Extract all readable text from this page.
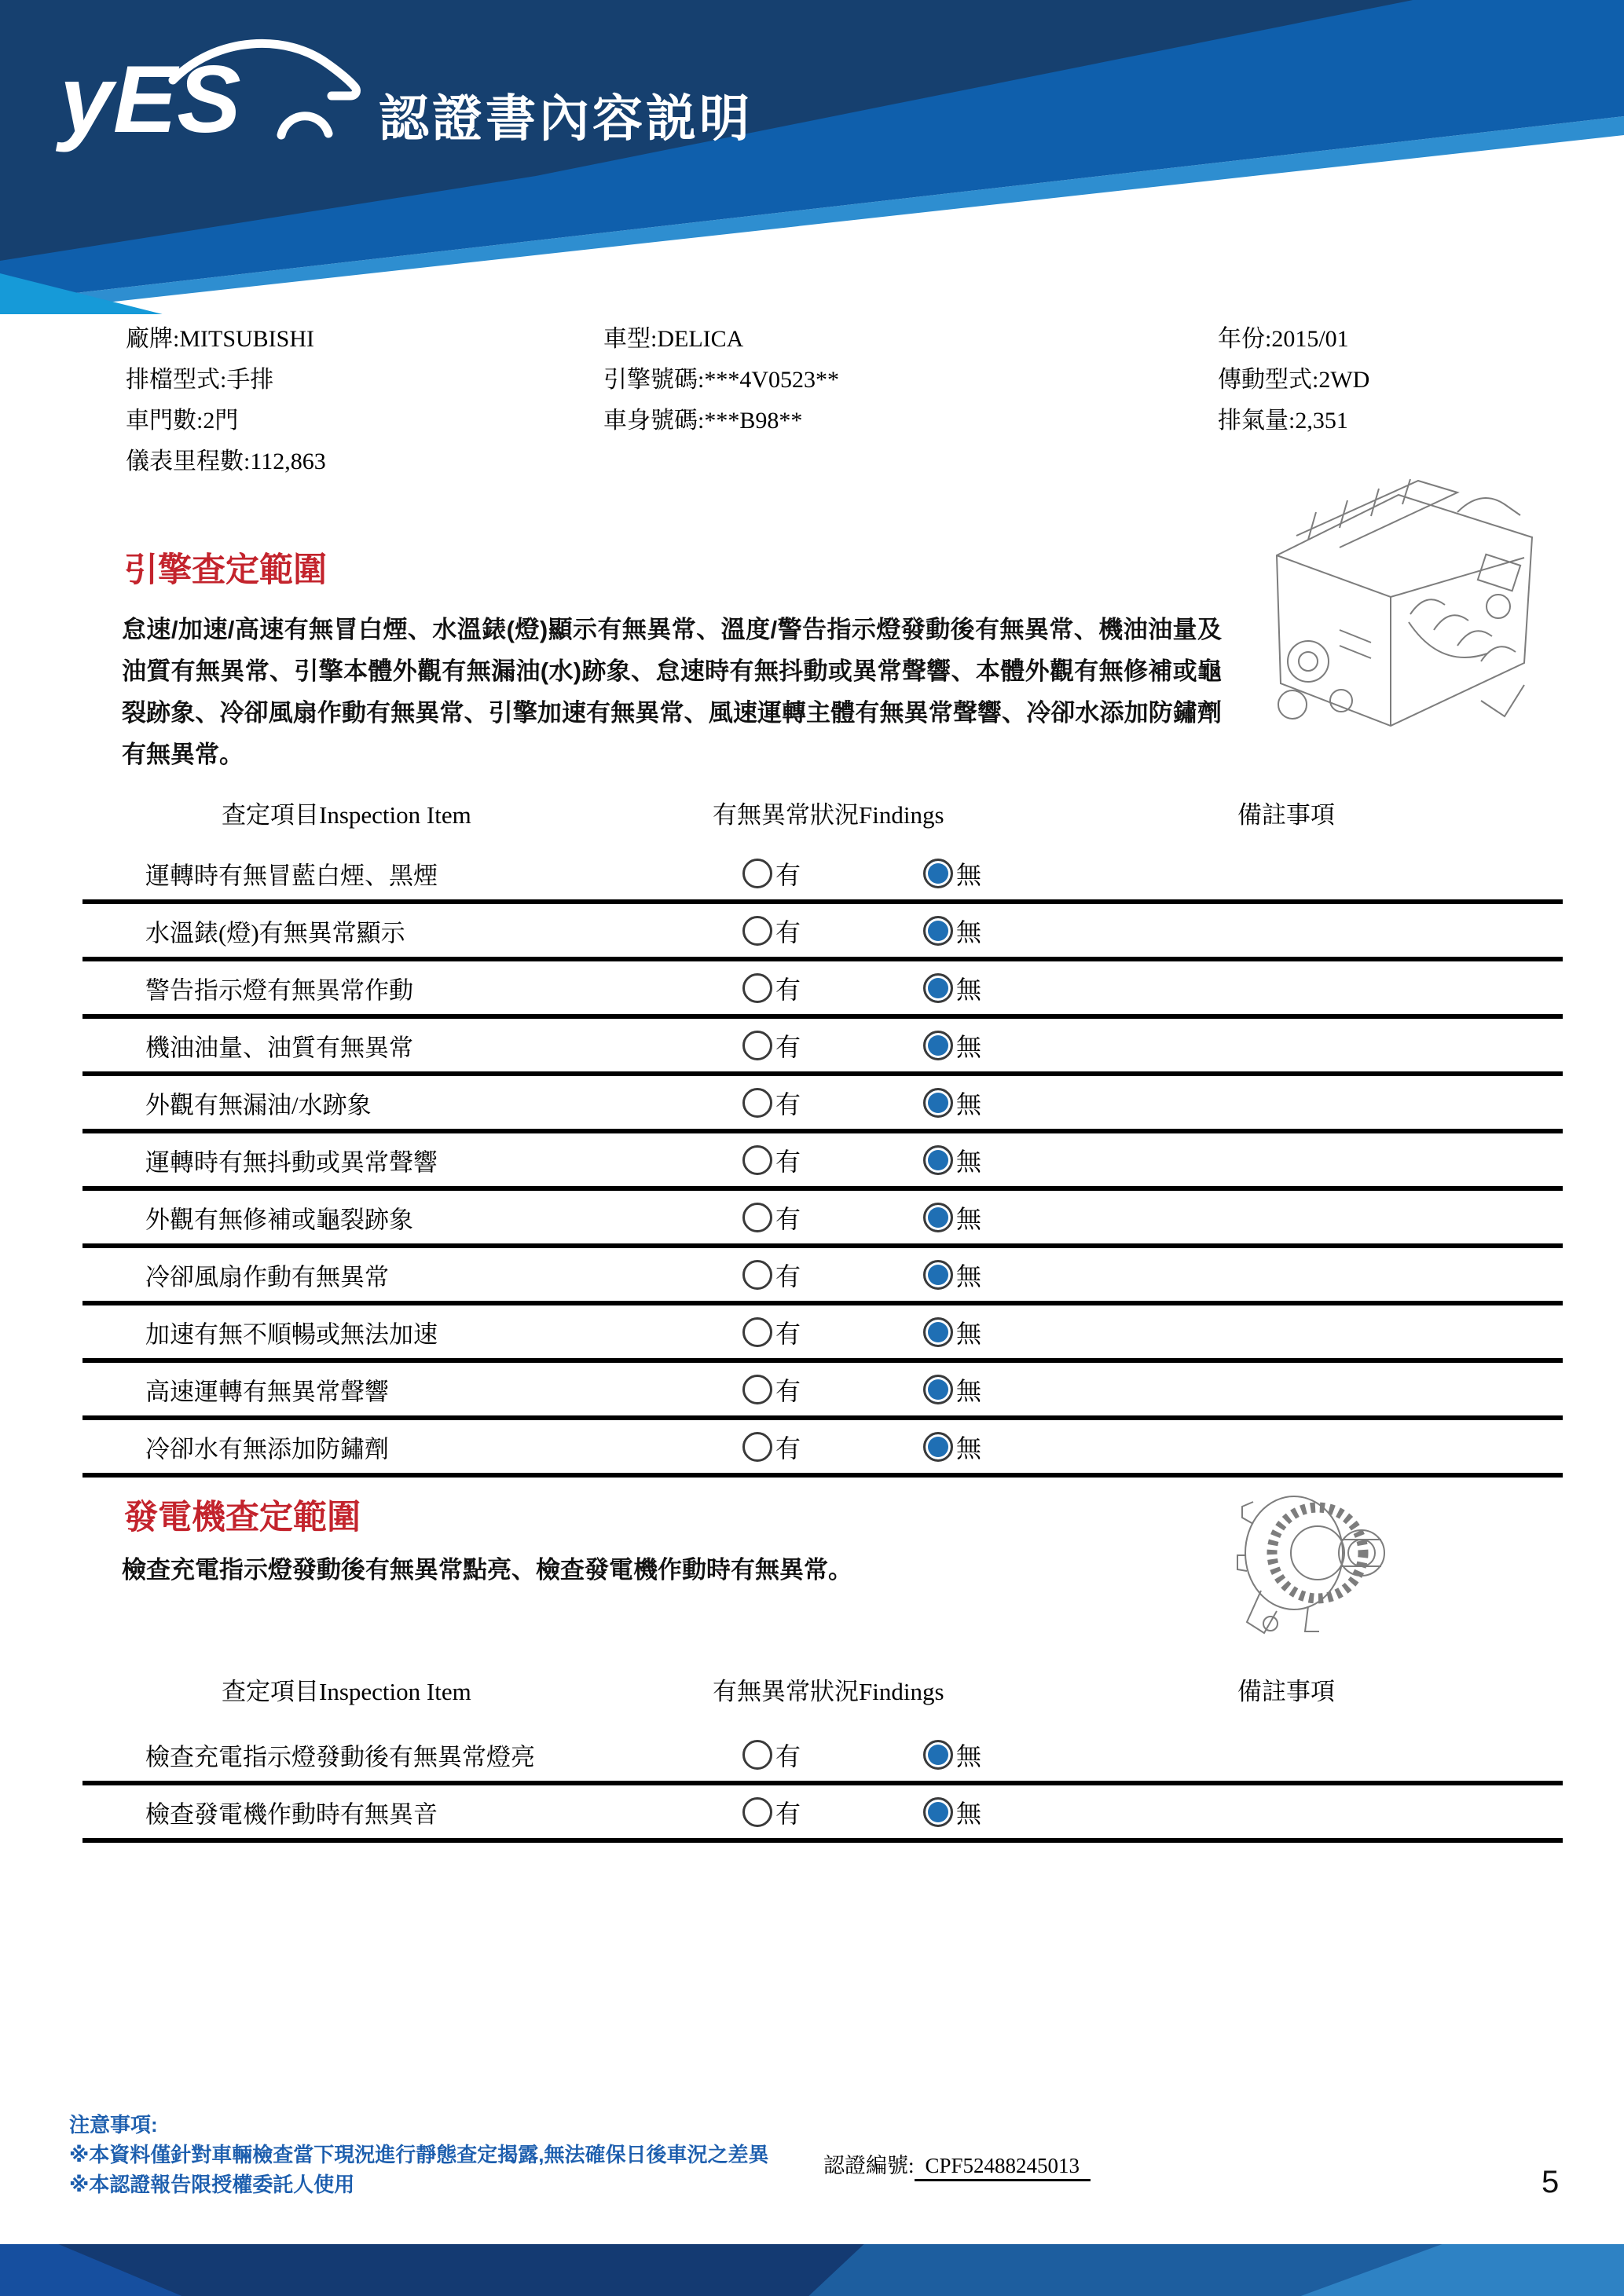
yES	認證書內容説明
廠牌:MITSUBISHI
排檔型式:手排
車門數:2門
儀表里程數:112,863
車型:DELICA
引擎號碼:***4V0523**
車身號碼:***B98**
年份:2015/01
傳動型式:2WD
排氣量:2,351
引擎查定範圍
怠速/加速/高速有無冒白煙、水溫錶(燈)顯示有無異常、溫度/警告指示燈發動後有無異常、機油油量及油質有無異常、引擎本體外觀有無漏油(水)跡象、怠速時有無抖動或異常聲響、本體外觀有無修補或龜裂跡象、冷卻風扇作動有無異常、引擎加速有無異常、風速運轉主體有無異常聲響、冷卻水添加防鏽劑有無異常。
查定項目Inspection Item	有無異常狀況Findings	備註事項
運轉時有無冒藍白煙、黑煙	有	無
水溫錶(燈)有無異常顯示	有	無
警告指示燈有無異常作動	有	無
機油油量、油質有無異常	有	無
外觀有無漏油/水跡象	有	無
運轉時有無抖動或異常聲響	有	無
外觀有無修補或龜裂跡象	有	無
冷卻風扇作動有無異常	有	無
加速有無不順暢或無法加速	有	無
高速運轉有無異常聲響	有	無
冷卻水有無添加防鏽劑	有	無
發電機查定範圍
檢查充電指示燈發動後有無異常點亮、檢查發電機作動時有無異常。
查定項目Inspection Item	有無異常狀況Findings	備註事項
檢查充電指示燈發動後有無異常燈亮	有	無
檢查發電機作動時有無異音	有	無
注意事項:
※本資料僅針對車輛檢查當下現況進行靜態查定揭露,無法確保日後車況之差異
※本認證報告限授權委託人使用
認證編號: CPF52488245013	5
